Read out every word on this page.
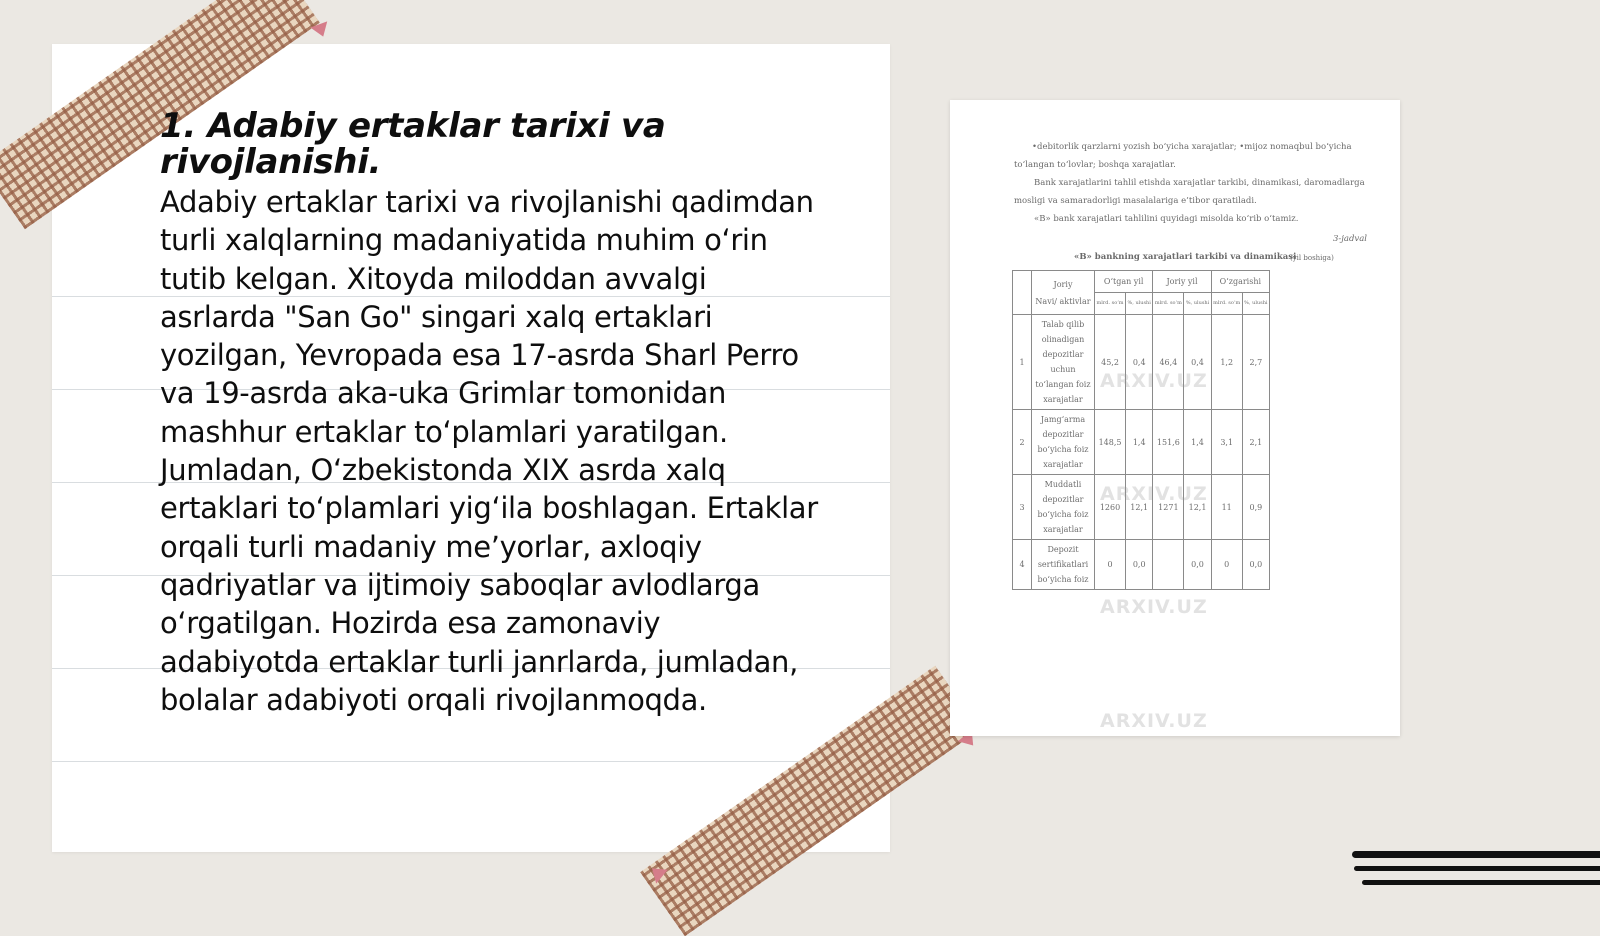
1. Adabiy ertaklar tarixi va rivojlanishi.

Adabiy ertaklar tarixi va rivojlanishi qadimdan turli xalqlarning madaniyatida muhim o‘rin tutib kelgan. Xitoyda miloddan avvalgi asrlarda "San Go" singari xalq ertaklari yozilgan, Yevropada esa 17-asrda Sharl Perro va 19-asrda aka-uka Grimlar tomonidan mashhur ertaklar to‘plamlari yaratilgan. Jumladan, O‘zbekistonda XIX asrda xalq ertaklari to‘plamlari yig‘ila boshlagan. Ertaklar orqali turli madaniy me’yorlar, axloqiy qadriyatlar va ijtimoiy saboqlar avlodlarga o‘rgatilgan. Hozirda esa zamonaviy adabiyotda ertaklar turli janrlarda, jumladan, bolalar adabiyoti orqali rivojlanmoqda.

•debitorlik qarzlarni yozish bo‘yicha xarajatlar; •mijoz nomaqbul bo‘yicha
to‘langan to‘lovlar; boshqa xarajatlar.
Bank xarajatlarini tahlil etishda xarajatlar tarkibi, dinamikasi, daromadlarga
mosligi va samaradorligi masalalariga e’tibor qaratiladi.
«B» bank xarajatlari tahlilini quyidagi misolda ko‘rib o‘tamiz.
3-jadval
«B» bankning xarajatlari tarkibi va dinamikasi
(yil boshiga)
	Joriy
Navi/ aktivlar	O‘tgan yil		Joriy yil		O‘zgarishi	
		mlrd. so‘m	%, ulushi	mlrd. so‘m	%, ulushi	mlrd. so‘m	%, ulushi
1	Talab qilib olinadigan depozitlar uchun to‘langan foiz xarajatlar	45,2	0,4	46,4	0,4	1,2	2,7
2	Jamg‘arma depozitlar bo‘yicha foiz xarajatlar	148,5	1,4	151,6	1,4	3,1	2,1
3	Muddatli depozitlar bo‘yicha foiz xarajatlar	1260	12,1	1271	12,1	11	0,9
4	Depozit sertifikatlari bo‘yicha foiz	0	0,0		0,0	0	0,0
ARXIV.UZ
ARXIV.UZ
ARXIV.UZ
ARXIV.UZ
